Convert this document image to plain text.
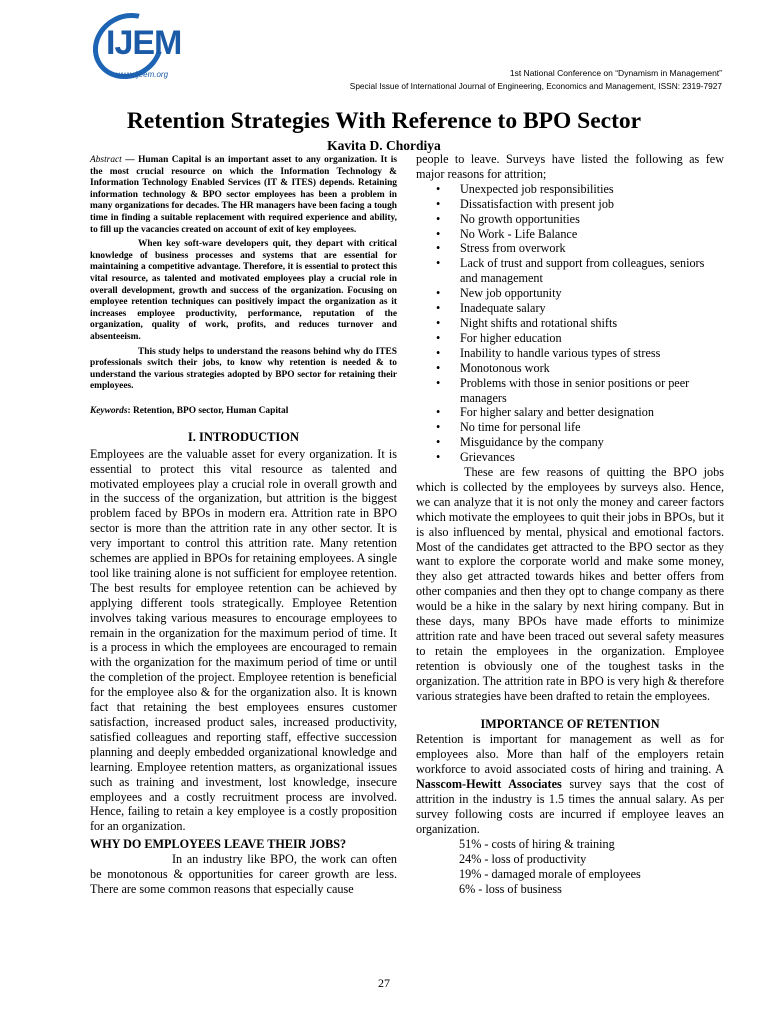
IJEM
www.ijeem.org	1st National Conference on “Dynamism in Management”
Special Issue of International Journal of Engineering, Economics and Management, ISSN: 2319-7927
Retention Strategies With Reference to BPO Sector
Kavita D. Chordiya

Abstract — Human Capital is an important asset to any organization. It is the most crucial resource on which the Information Technology & Information Technology Enabled Services (IT & ITES) depends. Retaining information technology & BPO sector employees has been a problem in many organizations for decades. The HR managers have been facing a tough time in finding a suitable replacement with required experience and ability, to fill up the vacancies created on account of exit of key employees.

When key soft-ware developers quit, they depart with critical knowledge of business processes and systems that are essential for maintaining a competitive advantage. Therefore, it is essential to protect this vital resource, as talented and motivated employees play a crucial role in overall development, growth and success of the organization. Focusing on employee retention techniques can positively impact the organization as it increases employee productivity, performance, reputation of the organization, quality of work, profits, and reduces turnover and absenteeism.

This study helps to understand the reasons behind why do ITES professionals switch their jobs, to know why retention is needed & to understand the various strategies adopted by BPO sector for retaining their employees.

Keywords: Retention, BPO sector, Human Capital

I. INTRODUCTION

Employees are the valuable asset for every organization. It is essential to protect this vital resource as talented and motivated employees play a crucial role in overall growth and in the success of the organization, but attrition is the biggest problem faced by BPOs in modern era. Attrition rate in BPO sector is more than the attrition rate in any other sector. It is very important to control this attrition rate. Many retention schemes are applied in BPOs for retaining employees. A single tool like training alone is not sufficient for employee retention. The best results for employee retention can be achieved by applying different tools strategically. Employee Retention involves taking various measures to encourage employees to remain in the organization for the maximum period of time. It is a process in which the employees are encouraged to remain with the organization for the maximum period of time or until the completion of the project. Employee retention is beneficial for the employee also & for the organization also. It is known fact that retaining the best employees ensures customer satisfaction, increased product sales, increased productivity, satisfied colleagues and reporting staff, effective succession planning and deeply embedded organizational knowledge and learning. Employee retention matters, as organizational issues such as training and investment, lost knowledge, insecure employees and a costly recruitment process are involved. Hence, failing to retain a key employee is a costly proposition for an organization.

WHY DO EMPLOYEES LEAVE THEIR JOBS?

In an industry like BPO, the work can often be monotonous & opportunities for career growth are less. There are some common reasons that especially cause

people to leave. Surveys have listed the following as few major reasons for attrition;

• Unexpected job responsibilities
• Dissatisfaction with present job
• No growth opportunities
• No Work - Life Balance
• Stress from overwork
• Lack of trust and support from colleagues, seniors and management
• New job opportunity
• Inadequate salary
• Night shifts and rotational shifts
• For higher education
• Inability to handle various types of stress
• Monotonous work
• Problems with those in senior positions or peer managers
• For higher salary and better designation
• No time for personal life
• Misguidance by the company
• Grievances

These are few reasons of quitting the BPO jobs which is collected by the employees by surveys also. Hence, we can analyze that it is not only the money and career factors which motivate the employees to quit their jobs in BPOs, but it is also influenced by mental, physical and emotional factors. Most of the candidates get attracted to the BPO sector as they want to explore the corporate world and make some money, they also get attracted towards hikes and better offers from other companies and then they opt to change company as there would be a hike in the salary by next hiring company. But in these days, many BPOs have made efforts to minimize attrition rate and have been traced out several safety measures to retain the employees in the organization. Employee retention is obviously one of the toughest tasks in the organization. The attrition rate in BPO is very high & therefore various strategies have been drafted to retain the employees.

IMPORTANCE OF RETENTION

Retention is important for management as well as for employees also. More than half of the employers retain workforce to avoid associated costs of hiring and training. A Nasscom-Hewitt Associates survey says that the cost of attrition in the industry is 1.5 times the annual salary. As per survey following costs are incurred if employee leaves an organization.

51% - costs of hiring & training
24% - loss of productivity
19% - damaged morale of employees
6% - loss of business
27
